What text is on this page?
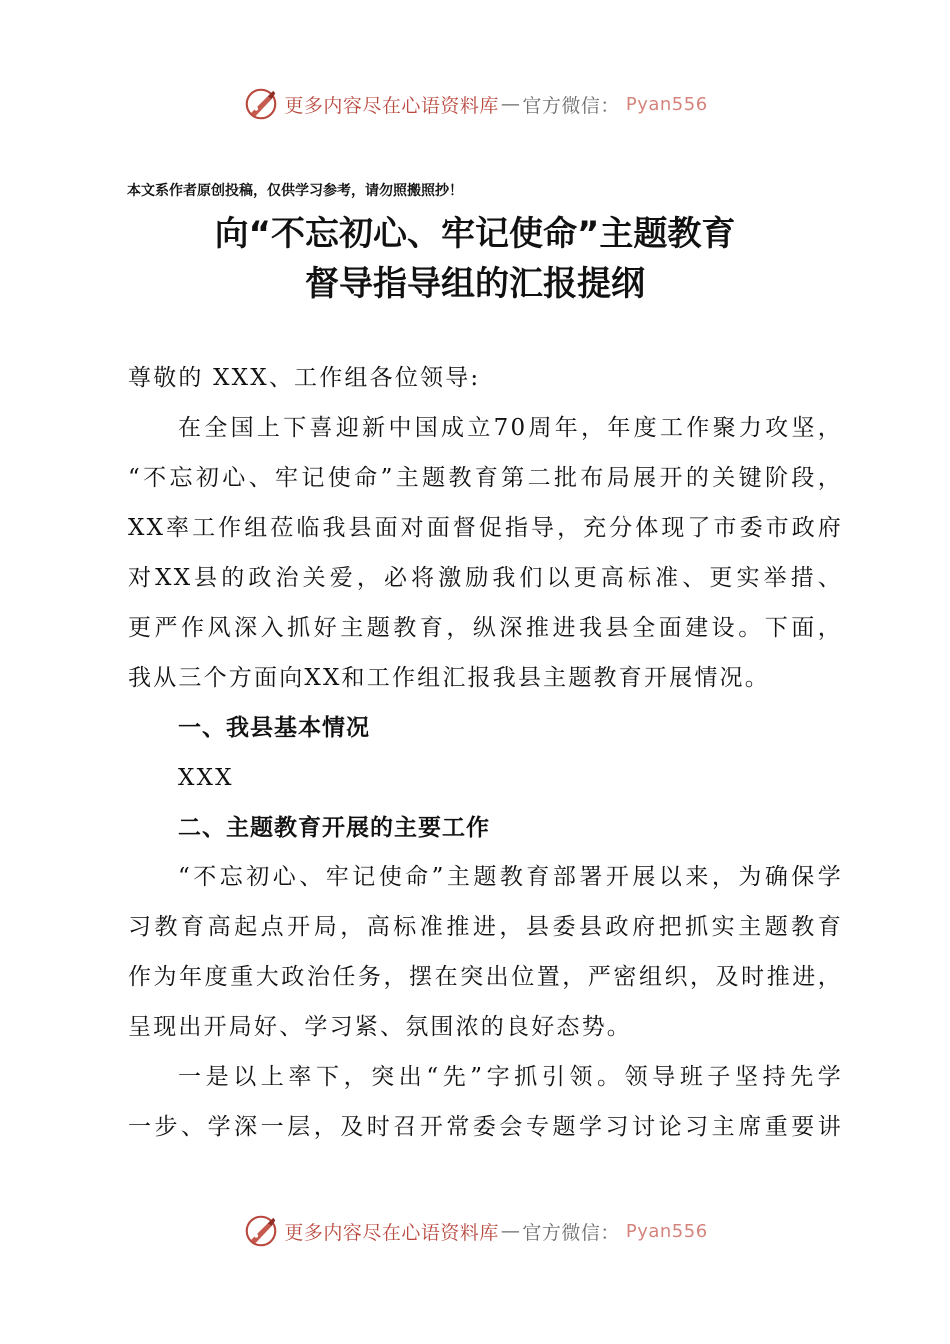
更多内容尽在心语资料库 — 官方微信： Pyan556
本文系作者原创投稿，仅供学习参考，请勿照搬照抄！
向“不忘初心、牢记使命”主题教育
督导指导组的汇报提纲
尊敬的 XXX、工作组各位领导:
在全国上下喜迎新中国成立70周年，年度工作聚力攻坚，
“不忘初心、牢记使命”主题教育第二批布局展开的关键阶段，
XX率工作组莅临我县面对面督促指导，充分体现了市委市政府
对XX县的政治关爱，必将激励我们以更高标准、更实举措、
更严作风深入抓好主题教育，纵深推进我县全面建设。下面，
我从三个方面向XX和工作组汇报我县主题教育开展情况。
一、我县基本情况
XXX
二、主题教育开展的主要工作
“不忘初心、牢记使命”主题教育部署开展以来，为确保学
习教育高起点开局，高标准推进，县委县政府把抓实主题教育
作为年度重大政治任务，摆在突出位置，严密组织，及时推进，
呈现出开局好、学习紧、氛围浓的良好态势。
一是以上率下，突出“先”字抓引领。领导班子坚持先学
一步、学深一层，及时召开常委会专题学习讨论习主席重要讲
更多内容尽在心语资料库 — 官方微信： Pyan556
